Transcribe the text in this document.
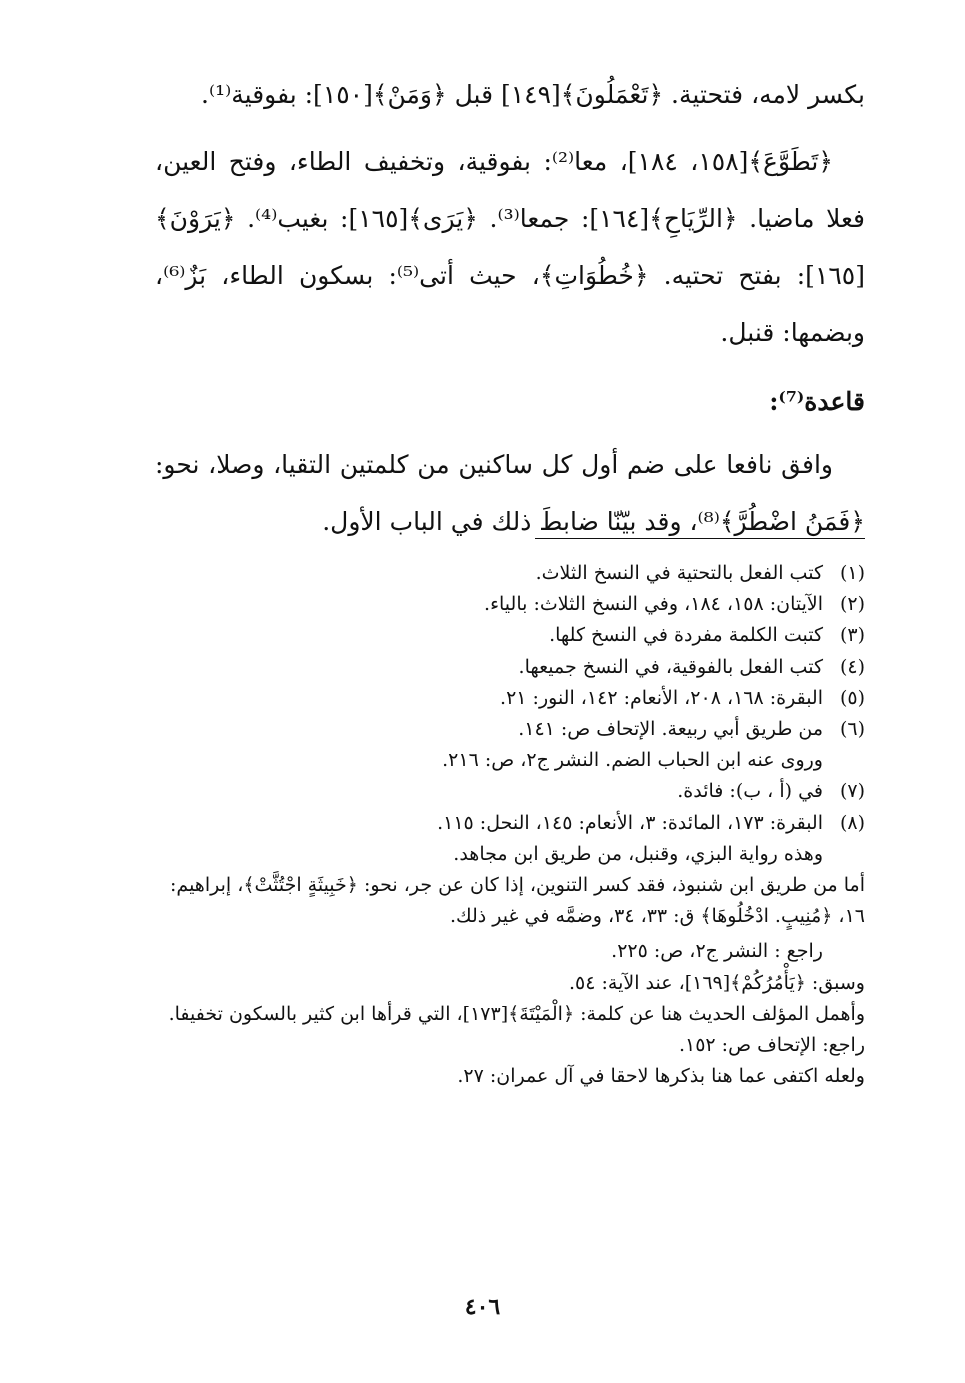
بكسر لامه، فتحتية. ﴿تَعْمَلُونَ﴾[١٤٩] قبل ﴿وَمَنْ﴾[١٥٠]: بفوقية⁽¹⁾.

﴿تَطَوَّعَ﴾[١٥٨، ١٨٤]، معا⁽²⁾: بفوقية، وتخفيف الطاء، وفتح العين، فعلا ماضيا. ﴿الرِّيَاحِ﴾[١٦٤]: جمعا⁽³⁾. ﴿يَرَى﴾[١٦٥]: بغيب⁽⁴⁾. ﴿يَرَوْنَ﴾[١٦٥]: بفتح تحتيه. ﴿خُطُوَاتِ﴾، حيث أتى⁽⁵⁾: بسكون الطاء، بَزٌ⁽⁶⁾، وبضمها: قنبل.

قاعدة⁽⁷⁾:

وافق نافعا على ضم أول كل ساكنين من كلمتين التقيا، وصلا، نحو: ﴿فَمَنُ اضْطُرَّ﴾⁽⁸⁾، وقد بيّنّا ضابطَ ذلك في الباب الأول.

(١)
كتب الفعل بالتحتية في النسخ الثلاث.
(٢)
الآيتان: ١٥٨، ١٨٤، وفي النسخ الثلاث: بالياء.
(٣)
كتبت الكلمة مفردة في النسخ كلها.
(٤)
كتب الفعل بالفوقية، في النسخ جميعها.
(٥)
البقرة: ١٦٨، ٢٠٨، الأنعام: ١٤٢، النور: ٢١.
(٦)
من طريق أبي ربيعة. الإتحاف ص: ١٤١.

وروى عنه ابن الحباب الضم. النشر ج٢، ص: ٢١٦.

(٧)
في (أ ، ب): فائدة.
(٨)
البقرة: ١٧٣، المائدة: ٣، الأنعام: ١٤٥، النحل: ١١٥.

وهذه رواية البزي، وقنبل، من طريق ابن مجاهد.

أما من طريق ابن شنبوذ، فقد كسر التنوين، إذا كان عن جر، نحو: ﴿خَبِيثَةٍ اجْتُثَّتْ﴾، إبراهيم: ١٦، ﴿مُنِيبٍ. ادْخُلُوهَا﴾ ق: ٣٣، ٣٤، وضمَّه في غير ذلك.

راجع : النشر ج٢، ص: ٢٢٥.

وسبق: ﴿يَأْمُرُكُمْ﴾[١٦٩]، عند الآية: ٥٤.

وأهمل المؤلف الحديث هنا عن كلمة: ﴿الْمَيْتَةَ﴾[١٧٣]، التي قرأها ابن كثير بالسكون تخفيفا. راجع: الإتحاف ص: ١٥٢.

ولعله اكتفى عما هنا بذكرها لاحقا في آل عمران: ٢٧.

٤٠٦
